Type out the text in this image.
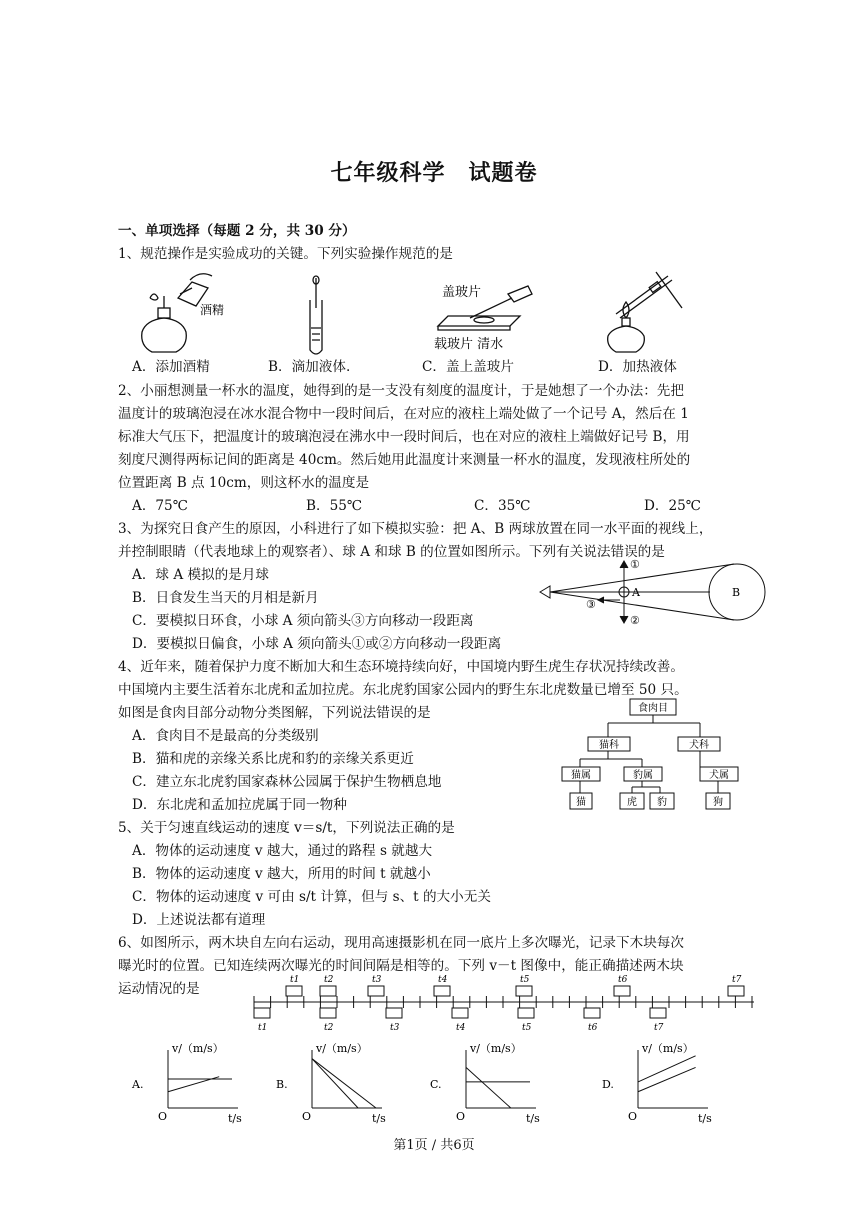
七年级科学　试题卷
一、单项选择（每题 2 分，共 30 分）
1、规范操作是实验成功的关键。下列实验操作规范的是
酒精
盖玻片
载玻片 清水
A．添加酒精	B．滴加液体.	C．盖上盖玻片	D．加热液体
2、小丽想测量一杯水的温度，她得到的是一支没有刻度的温度计，于是她想了一个办法：先把
温度计的玻璃泡浸在冰水混合物中一段时间后，在对应的液柱上端处做了一个记号 A，然后在 1
标准大气压下，把温度计的玻璃泡浸在沸水中一段时间后，也在对应的液柱上端做好记号 B，用
刻度尺测得两标记间的距离是 40cm。然后她用此温度计来测量一杯水的温度，发现液柱所处的
位置距离 B 点 10cm，则这杯水的温度是
A．75℃	B．55℃	C．35℃	D．25℃
3、为探究日食产生的原因，小科进行了如下模拟实验：把 A、B 两球放置在同一水平面的视线上，
并控制眼睛（代表地球上的观察者）、球 A 和球 B 的位置如图所示。下列有关说法错误的是
A．球 A 模拟的是月球
B．日食发生当天的月相是新月
C．要模拟日环食，小球 A 须向箭头③方向移动一段距离
D．要模拟日偏食，小球 A 须向箭头①或②方向移动一段距离
①
②
③
A	B
4、近年来，随着保护力度不断加大和生态环境持续向好，中国境内野生虎生存状况持续改善。
中国境内主要生活着东北虎和孟加拉虎。东北虎豹国家公园内的野生东北虎数量已增至 50 只。
如图是食肉目部分动物分类图解，下列说法错误的是
A．食肉目不是最高的分类级别
B．猫和虎的亲缘关系比虎和豹的亲缘关系更近
C．建立东北虎豹国家森林公园属于保护生物栖息地
D．东北虎和孟加拉虎属于同一物种
食肉目
猫科	犬科
猫属	豹属	犬属
猫	虎 豹	狗
5、关于匀速直线运动的速度 v＝s/t，下列说法正确的是
A．物体的运动速度 v 越大，通过的路程 s 就越大
B．物体的运动速度 v 越大，所用的时间 t 就越小
C．物体的运动速度 v 可由 s/t 计算，但与 s、t 的大小无关
D．上述说法都有道理
6、如图所示，两木块自左向右运动，现用高速摄影机在同一底片上多次曝光，记录下木块每次
曝光时的位置。已知连续两次曝光的时间间隔是相等的。下列 v－t 图像中，能正确描述两木块
运动情况的是
t1	t2	t3	t4	t5	t6	t7
t1	t2	t3	t4	t5	t6	t7
A.
v/（m/s）
t/s
O
B.
v/（m/s）
t/s
O
C.
v/（m/s）
t/s
O
D.
v/（m/s）
t/s
O
第1页 / 共6页
